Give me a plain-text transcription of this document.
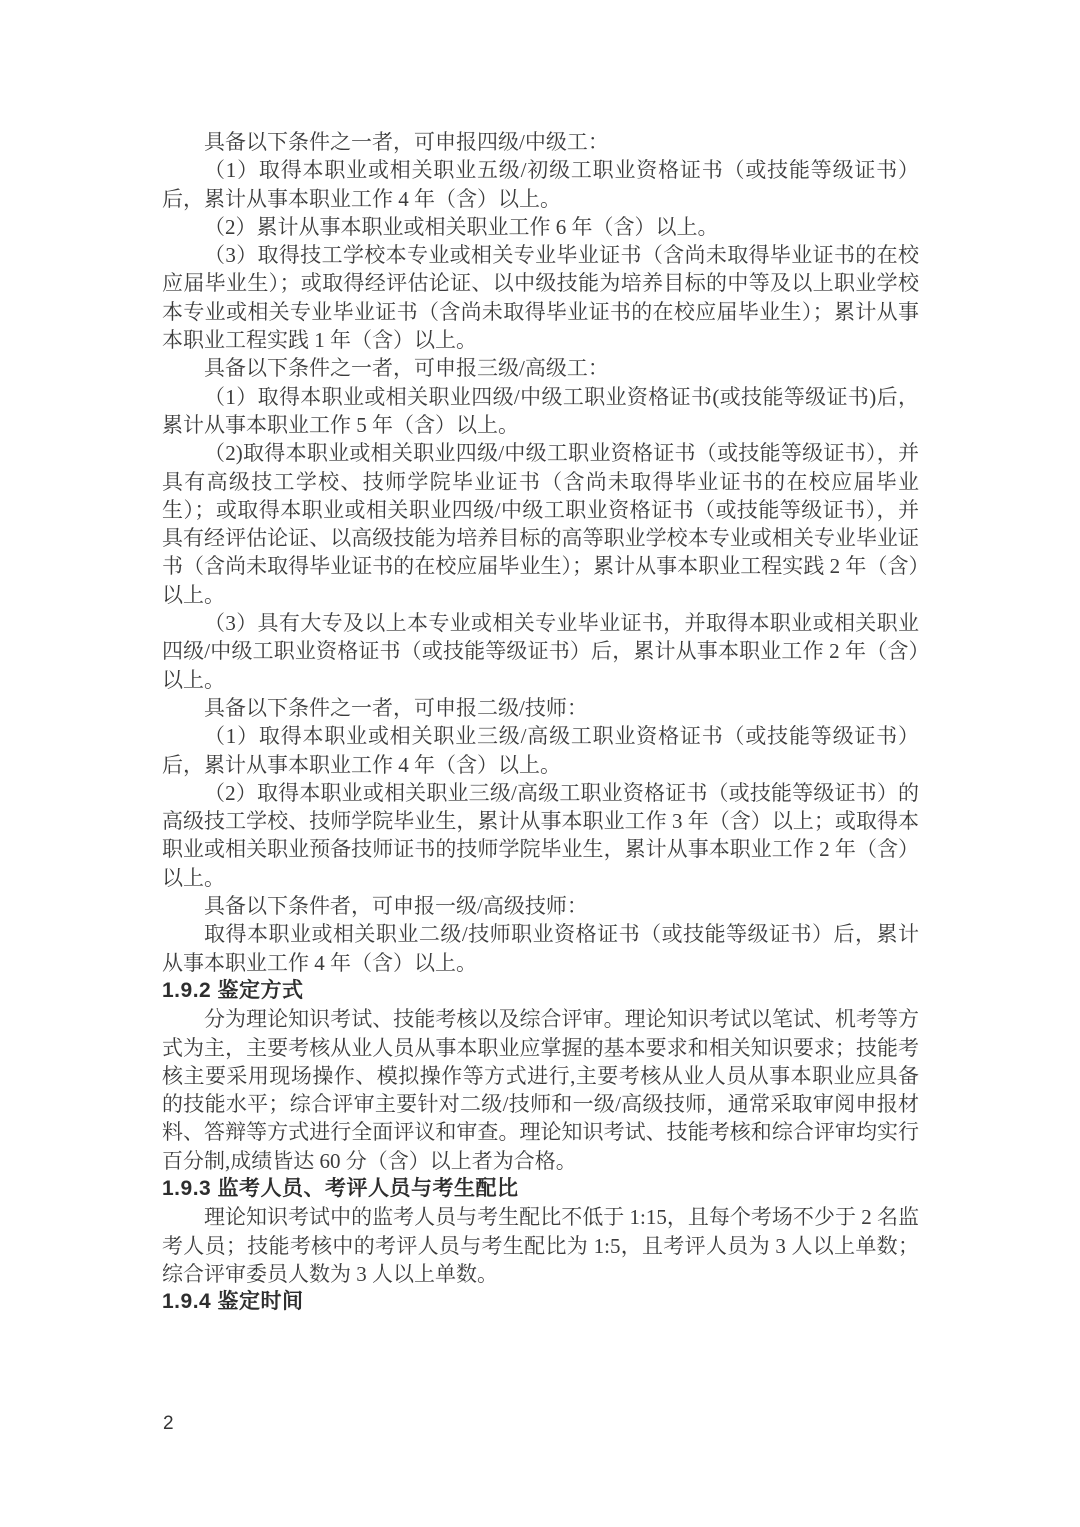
具备以下条件之一者，可申报四级/中级工：

（1）取得本职业或相关职业五级/初级工职业资格证书（或技能等级证书）后，累计从事本职业工作 4 年（含）以上。

（2）累计从事本职业或相关职业工作 6 年（含）以上。

（3）取得技工学校本专业或相关专业毕业证书（含尚未取得毕业证书的在校应届毕业生）；或取得经评估论证、以中级技能为培养目标的中等及以上职业学校本专业或相关专业毕业证书（含尚未取得毕业证书的在校应届毕业生）；累计从事本职业工程实践 1 年（含）以上。

具备以下条件之一者，可申报三级/高级工：

（1）取得本职业或相关职业四级/中级工职业资格证书(或技能等级证书)后，累计从事本职业工作 5 年（含）以上。

（2)取得本职业或相关职业四级/中级工职业资格证书（或技能等级证书），并具有高级技工学校、技师学院毕业证书（含尚未取得毕业证书的在校应届毕业生）；或取得本职业或相关职业四级/中级工职业资格证书（或技能等级证书），并具有经评估论证、以高级技能为培养目标的高等职业学校本专业或相关专业毕业证书（含尚未取得毕业证书的在校应届毕业生）；累计从事本职业工程实践 2 年（含）以上。

（3）具有大专及以上本专业或相关专业毕业证书，并取得本职业或相关职业四级/中级工职业资格证书（或技能等级证书）后，累计从事本职业工作 2 年（含）以上。

具备以下条件之一者，可申报二级/技师：

（1）取得本职业或相关职业三级/高级工职业资格证书（或技能等级证书）后，累计从事本职业工作 4 年（含）以上。

（2）取得本职业或相关职业三级/高级工职业资格证书（或技能等级证书）的高级技工学校、技师学院毕业生，累计从事本职业工作 3 年（含）以上；或取得本职业或相关职业预备技师证书的技师学院毕业生，累计从事本职业工作 2 年（含）以上。

具备以下条件者，可申报一级/高级技师：

取得本职业或相关职业二级/技师职业资格证书（或技能等级证书）后，累计从事本职业工作 4 年（含）以上。

1.9.2 鉴定方式

分为理论知识考试、技能考核以及综合评审。理论知识考试以笔试、机考等方式为主，主要考核从业人员从事本职业应掌握的基本要求和相关知识要求；技能考核主要采用现场操作、模拟操作等方式进行,主要考核从业人员从事本职业应具备的技能水平；综合评审主要针对二级/技师和一级/高级技师，通常采取审阅申报材料、答辩等方式进行全面评议和审查。理论知识考试、技能考核和综合评审均实行百分制,成绩皆达 60 分（含）以上者为合格。

1.9.3 监考人员、考评人员与考生配比

理论知识考试中的监考人员与考生配比不低于 1:15，且每个考场不少于 2 名监考人员；技能考核中的考评人员与考生配比为 1:5，且考评人员为 3 人以上单数；综合评审委员人数为 3 人以上单数。

1.9.4 鉴定时间

2
